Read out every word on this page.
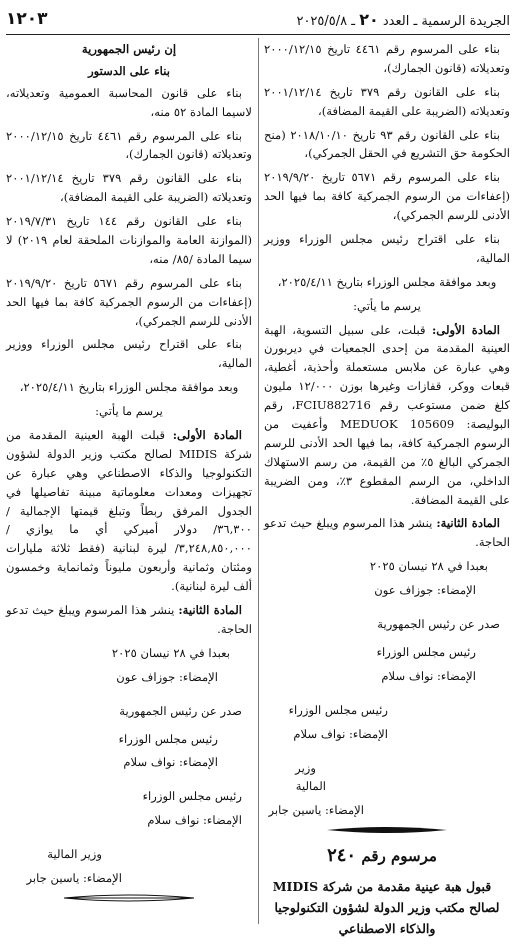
الجريدة الرسمية ـ العدد ٢٠ ـ ٢٠٢٥/٥/٨
١٢٠٣

بناء على المرسوم رقم ٤٤٦١ تاريخ ٢٠٠٠/١٢/١٥ وتعديلاته (قانون الجمارك)،

بناء على القانون رقم ٣٧٩ تاريخ ٢٠٠١/١٢/١٤ وتعديلاته (الضريبة على القيمة المضافة)،

بناء على القانون رقم ٩٣ تاريخ ٢٠١٨/١٠/١٠ (منح الحكومة حق التشريع في الحقل الجمركي)،

بناء على المرسوم رقم ٥٦٧١ تاريخ ٢٠١٩/٩/٢٠ (إعفاءات من الرسوم الجمركية كافة بما فيها الحد الأدنى للرسم الجمركي)،

بناء على اقتراح رئيس مجلس الوزراء ووزير المالية،

وبعد موافقة مجلس الوزراء بتاريخ ٢٠٢٥/٤/١١،

يرسم ما يأتي:

المادة الأولى: قبلت، على سبيل التسوية، الهبة العينية المقدمة من إحدى الجمعيات في ديربورن وهي عبارة عن ملابس مستعملة وأحذية، أغطية، قبعات ووكر، قفازات وغيرها بوزن ١٢/٠٠٠ مليون كلغ ضمن مستوعب رقم FCIU882716، رقم البوليصة: MEDUOK 105609 وأعفيت من الرسوم الجمركية كافة، بما فيها الحد الأدنى للرسم الجمركي البالغ ٥٪ من القيمة، من رسم الاستهلاك الداخلي، من الرسم المقطوع ٣٪، ومن الضريبة على القيمة المضافة.

المادة الثانية: ينشر هذا المرسوم ويبلغ حيث تدعو الحاجة.

بعبدا في ٢٨ نيسان ٢٠٢٥

الإمضاء: جوزاف عون

صدر عن رئيس الجمهورية

رئيس مجلس الوزراء

الإمضاء: نواف سلام

رئيس مجلس الوزراء

الإمضاء: نواف سلام

وزير المالية

الإمضاء: ياسين جابر

مرسوم رقم ٢٤٠

قبول هبة عينية مقدمة من شركة MIDIS لصالح مكتب وزير الدولة لشؤون التكنولوجيا والذكاء الاصطناعي

إن رئيس الجمهورية

بناء على الدستور

بناء على قانون المحاسبة العمومية وتعديلاته، لاسيما المادة ٥٢ منه،

بناء على المرسوم رقم ٤٤٦١ تاريخ ٢٠٠٠/١٢/١٥ وتعديلاته (قانون الجمارك)،

بناء على القانون رقم ٣٧٩ تاريخ ٢٠٠١/١٢/١٤ وتعديلاته (الضريبة على القيمة المضافة)،

بناء على القانون رقم ١٤٤ تاريخ ٢٠١٩/٧/٣١ (الموازنة العامة والموازنات الملحقة لعام ٢٠١٩) لا سيما المادة /٨٥/ منه،

بناء على المرسوم رقم ٥٦٧١ تاريخ ٢٠١٩/٩/٢٠ (إعفاءات من الرسوم الجمركية كافة بما فيها الحد الأدنى للرسم الجمركي)،

بناء على اقتراح رئيس مجلس الوزراء ووزير المالية،

وبعد موافقة مجلس الوزراء بتاريخ ٢٠٢٥/٤/١١،

يرسم ما يأتي:

المادة الأولى: قبلت الهبة العينية المقدمة من شركة MIDIS لصالح مكتب وزير الدولة لشؤون التكنولوجيا والذكاء الاصطناعي وهي عبارة عن تجهيزات ومعدات معلوماتية مبينة تفاصيلها في الجدول المرفق ربطاً وتبلغ قيمتها الإجمالية /٣٦,٣٠٠/ دولار أميركي أي ما يوازي /٣,٢٤٨,٨٥٠,٠٠٠/ ليرة لبنانية (فقط ثلاثة مليارات ومئتان وثمانية وأربعون مليوناً وثمانماية وخمسون ألف ليرة لبنانية).

المادة الثانية: ينشر هذا المرسوم ويبلغ حيث تدعو الحاجة.

بعبدا في ٢٨ نيسان ٢٠٢٥

الإمضاء: جوزاف عون

صدر عن رئيس الجمهورية

رئيس مجلس الوزراء

الإمضاء: نواف سلام

رئيس مجلس الوزراء

الإمضاء: نواف سلام

وزير المالية

الإمضاء: ياسين جابر
